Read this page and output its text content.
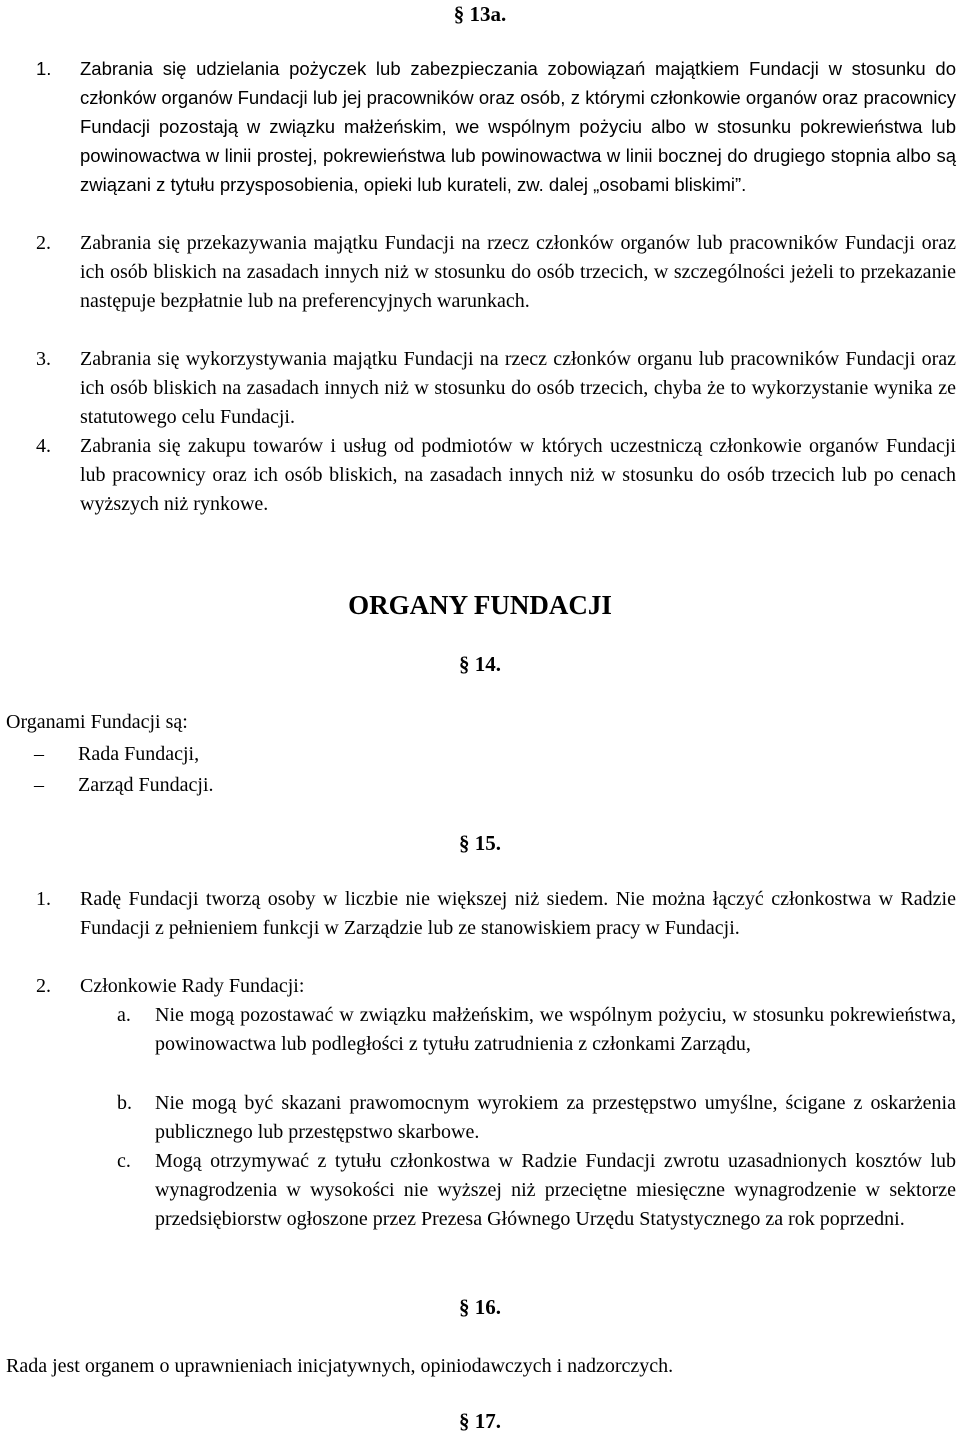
§ 13a.
1. Zabrania się udzielania pożyczek lub zabezpieczania zobowiązań majątkiem Fundacji w stosunku do członków organów Fundacji lub jej pracowników oraz osób, z którymi członkowie organów oraz pracownicy Fundacji pozostają w związku małżeńskim, we wspólnym pożyciu albo w stosunku pokrewieństwa lub powinowactwa w linii prostej, pokrewieństwa lub powinowactwa w linii bocznej do drugiego stopnia albo są związani z tytułu przysposobienia, opieki lub kurateli, zw. dalej „osobami bliskimi”.
2. Zabrania się przekazywania majątku Fundacji na rzecz członków organów lub pracowników Fundacji oraz ich osób bliskich na zasadach innych niż w stosunku do osób trzecich, w szczególności jeżeli to przekazanie następuje bezpłatnie lub na preferencyjnych warunkach.
3. Zabrania się wykorzystywania majątku Fundacji na rzecz członków organu lub pracowników Fundacji oraz ich osób bliskich na zasadach innych niż w stosunku do osób trzecich, chyba że to wykorzystanie wynika ze statutowego celu Fundacji.
4. Zabrania się zakupu towarów i usług od podmiotów w których uczestniczą członkowie organów Fundacji lub pracownicy oraz ich osób bliskich, na zasadach innych niż w stosunku do osób trzecich lub po cenach wyższych niż rynkowe.
ORGANY FUNDACJI
§ 14.
Organami Fundacji są:
– Rada Fundacji,
– Zarząd Fundacji.
§ 15.
1. Radę Fundacji tworzą osoby w liczbie nie większej niż siedem. Nie można łączyć członkostwa w Radzie Fundacji z pełnieniem funkcji w Zarządzie lub ze stanowiskiem pracy w Fundacji.
2. Członkowie Rady Fundacji:
a. Nie mogą pozostawać w związku małżeńskim, we wspólnym pożyciu, w stosunku pokrewieństwa, powinowactwa lub podległości z tytułu zatrudnienia z członkami Zarządu,
b. Nie mogą być skazani prawomocnym wyrokiem za przestępstwo umyślne, ścigane z oskarżenia publicznego lub przestępstwo skarbowe.
c. Mogą otrzymywać z tytułu członkostwa w Radzie Fundacji zwrotu uzasadnionych kosztów lub wynagrodzenia w wysokości nie wyższej niż przeciętne miesięczne wynagrodzenie w sektorze przedsiębiorstw ogłoszone przez Prezesa Głównego Urzędu Statystycznego za rok poprzedni.
§ 16.
Rada jest organem o uprawnieniach inicjatywnych, opiniodawczych i nadzorczych.
§ 17.
